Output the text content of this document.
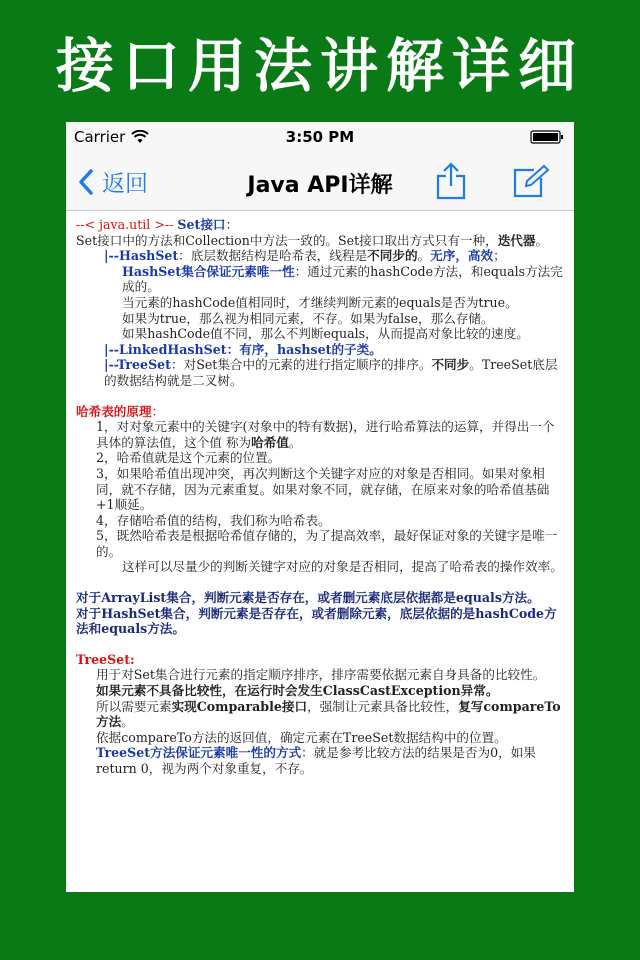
接口用法讲解详细
Carrier	3:50 PM
返回	Java API详解

--< java.util >-- Set接口：

Set接口中的方法和Collection中方法一致的。Set接口取出方式只有一种，迭代器。

|--HashSet：底层数据结构是哈希表，线程是不同步的。无序，高效；

HashSet集合保证元素唯一性：通过元素的hashCode方法，和equals方法完成的。

当元素的hashCode值相同时，才继续判断元素的equals是否为true。

如果为true，那么视为相同元素，不存。如果为false，那么存储。

如果hashCode值不同，那么不判断equals，从而提高对象比较的速度。

|--LinkedHashSet：有序，hashset的子类。

|--TreeSet：对Set集合中的元素的进行指定顺序的排序。不同步。TreeSet底层的数据结构就是二叉树。

哈希表的原理：

1，对对象元素中的关键字(对象中的特有数据)，进行哈希算法的运算，并得出一个具体的算法值，这个值 称为哈希值。

2，哈希值就是这个元素的位置。

3，如果哈希值出现冲突，再次判断这个关键字对应的对象是否相同。如果对象相同，就不存储，因为元素重复。如果对象不同，就存储，在原来对象的哈希值基础 +1顺延。

4，存储哈希值的结构，我们称为哈希表。

5，既然哈希表是根据哈希值存储的，为了提高效率，最好保证对象的关键字是唯一的。

这样可以尽量少的判断关键字对应的对象是否相同，提高了哈希表的操作效率。

对于ArrayList集合，判断元素是否存在，或者删元素底层依据都是equals方法。

对于HashSet集合，判断元素是否存在，或者删除元素，底层依据的是hashCode方法和equals方法。

TreeSet:

用于对Set集合进行元素的指定顺序排序，排序需要依据元素自身具备的比较性。

如果元素不具备比较性，在运行时会发生ClassCastException异常。

所以需要元素实现Comparable接口，强制让元素具备比较性，复写compareTo方法。

依据compareTo方法的返回值，确定元素在TreeSet数据结构中的位置。

TreeSet方法保证元素唯一性的方式：就是参考比较方法的结果是否为0，如果return 0，视为两个对象重复，不存。
